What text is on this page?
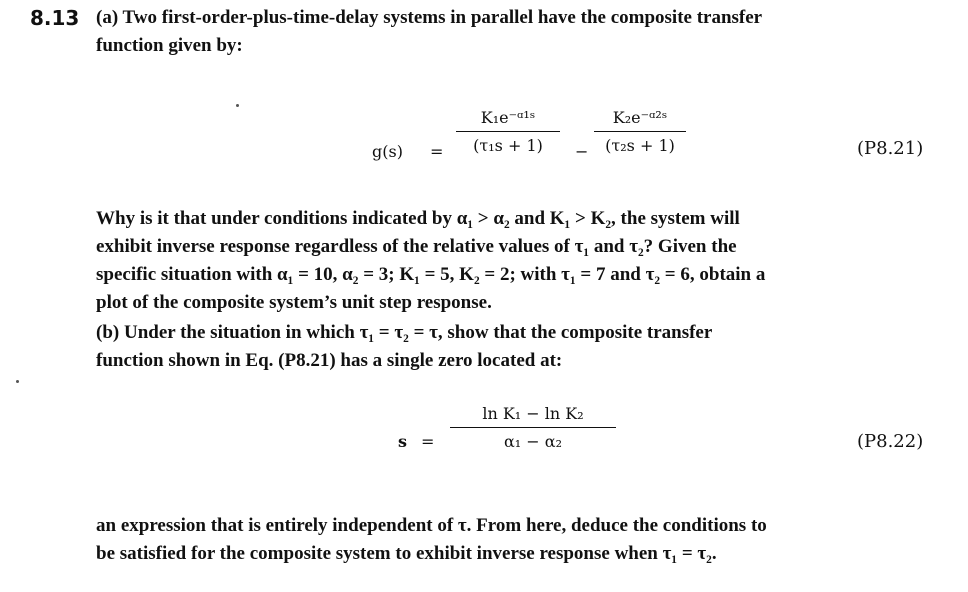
8.13 (a) Two first-order-plus-time-delay systems in parallel have the composite transfer
function given by:
g(s) =
K₁e⁻ᵅ¹ˢ
(τ₁s + 1)	−
K₂e⁻ᵅ²ˢ
(τ₂s + 1)	(P8.21)
Why is it that under conditions indicated by α₁ > α₂ and K₁ > K₂, the system will
exhibit inverse response regardless of the relative values of τ₁ and τ₂? Given the
specific situation with α₁ = 10, α₂ = 3; K₁ = 5, K₂ = 2; with τ₁ = 7 and τ₂ = 6, obtain a
plot of the composite system’s unit step response.
(b) Under the situation in which τ₁ = τ₂ = τ, show that the composite transfer
function shown in Eq. (P8.21) has a single zero located at:
s =
ln K₁ − ln K₂
α₁ − α₂	(P8.22)
an expression that is entirely independent of τ. From here, deduce the conditions to
be satisfied for the composite system to exhibit inverse response when τ₁ = τ₂.
